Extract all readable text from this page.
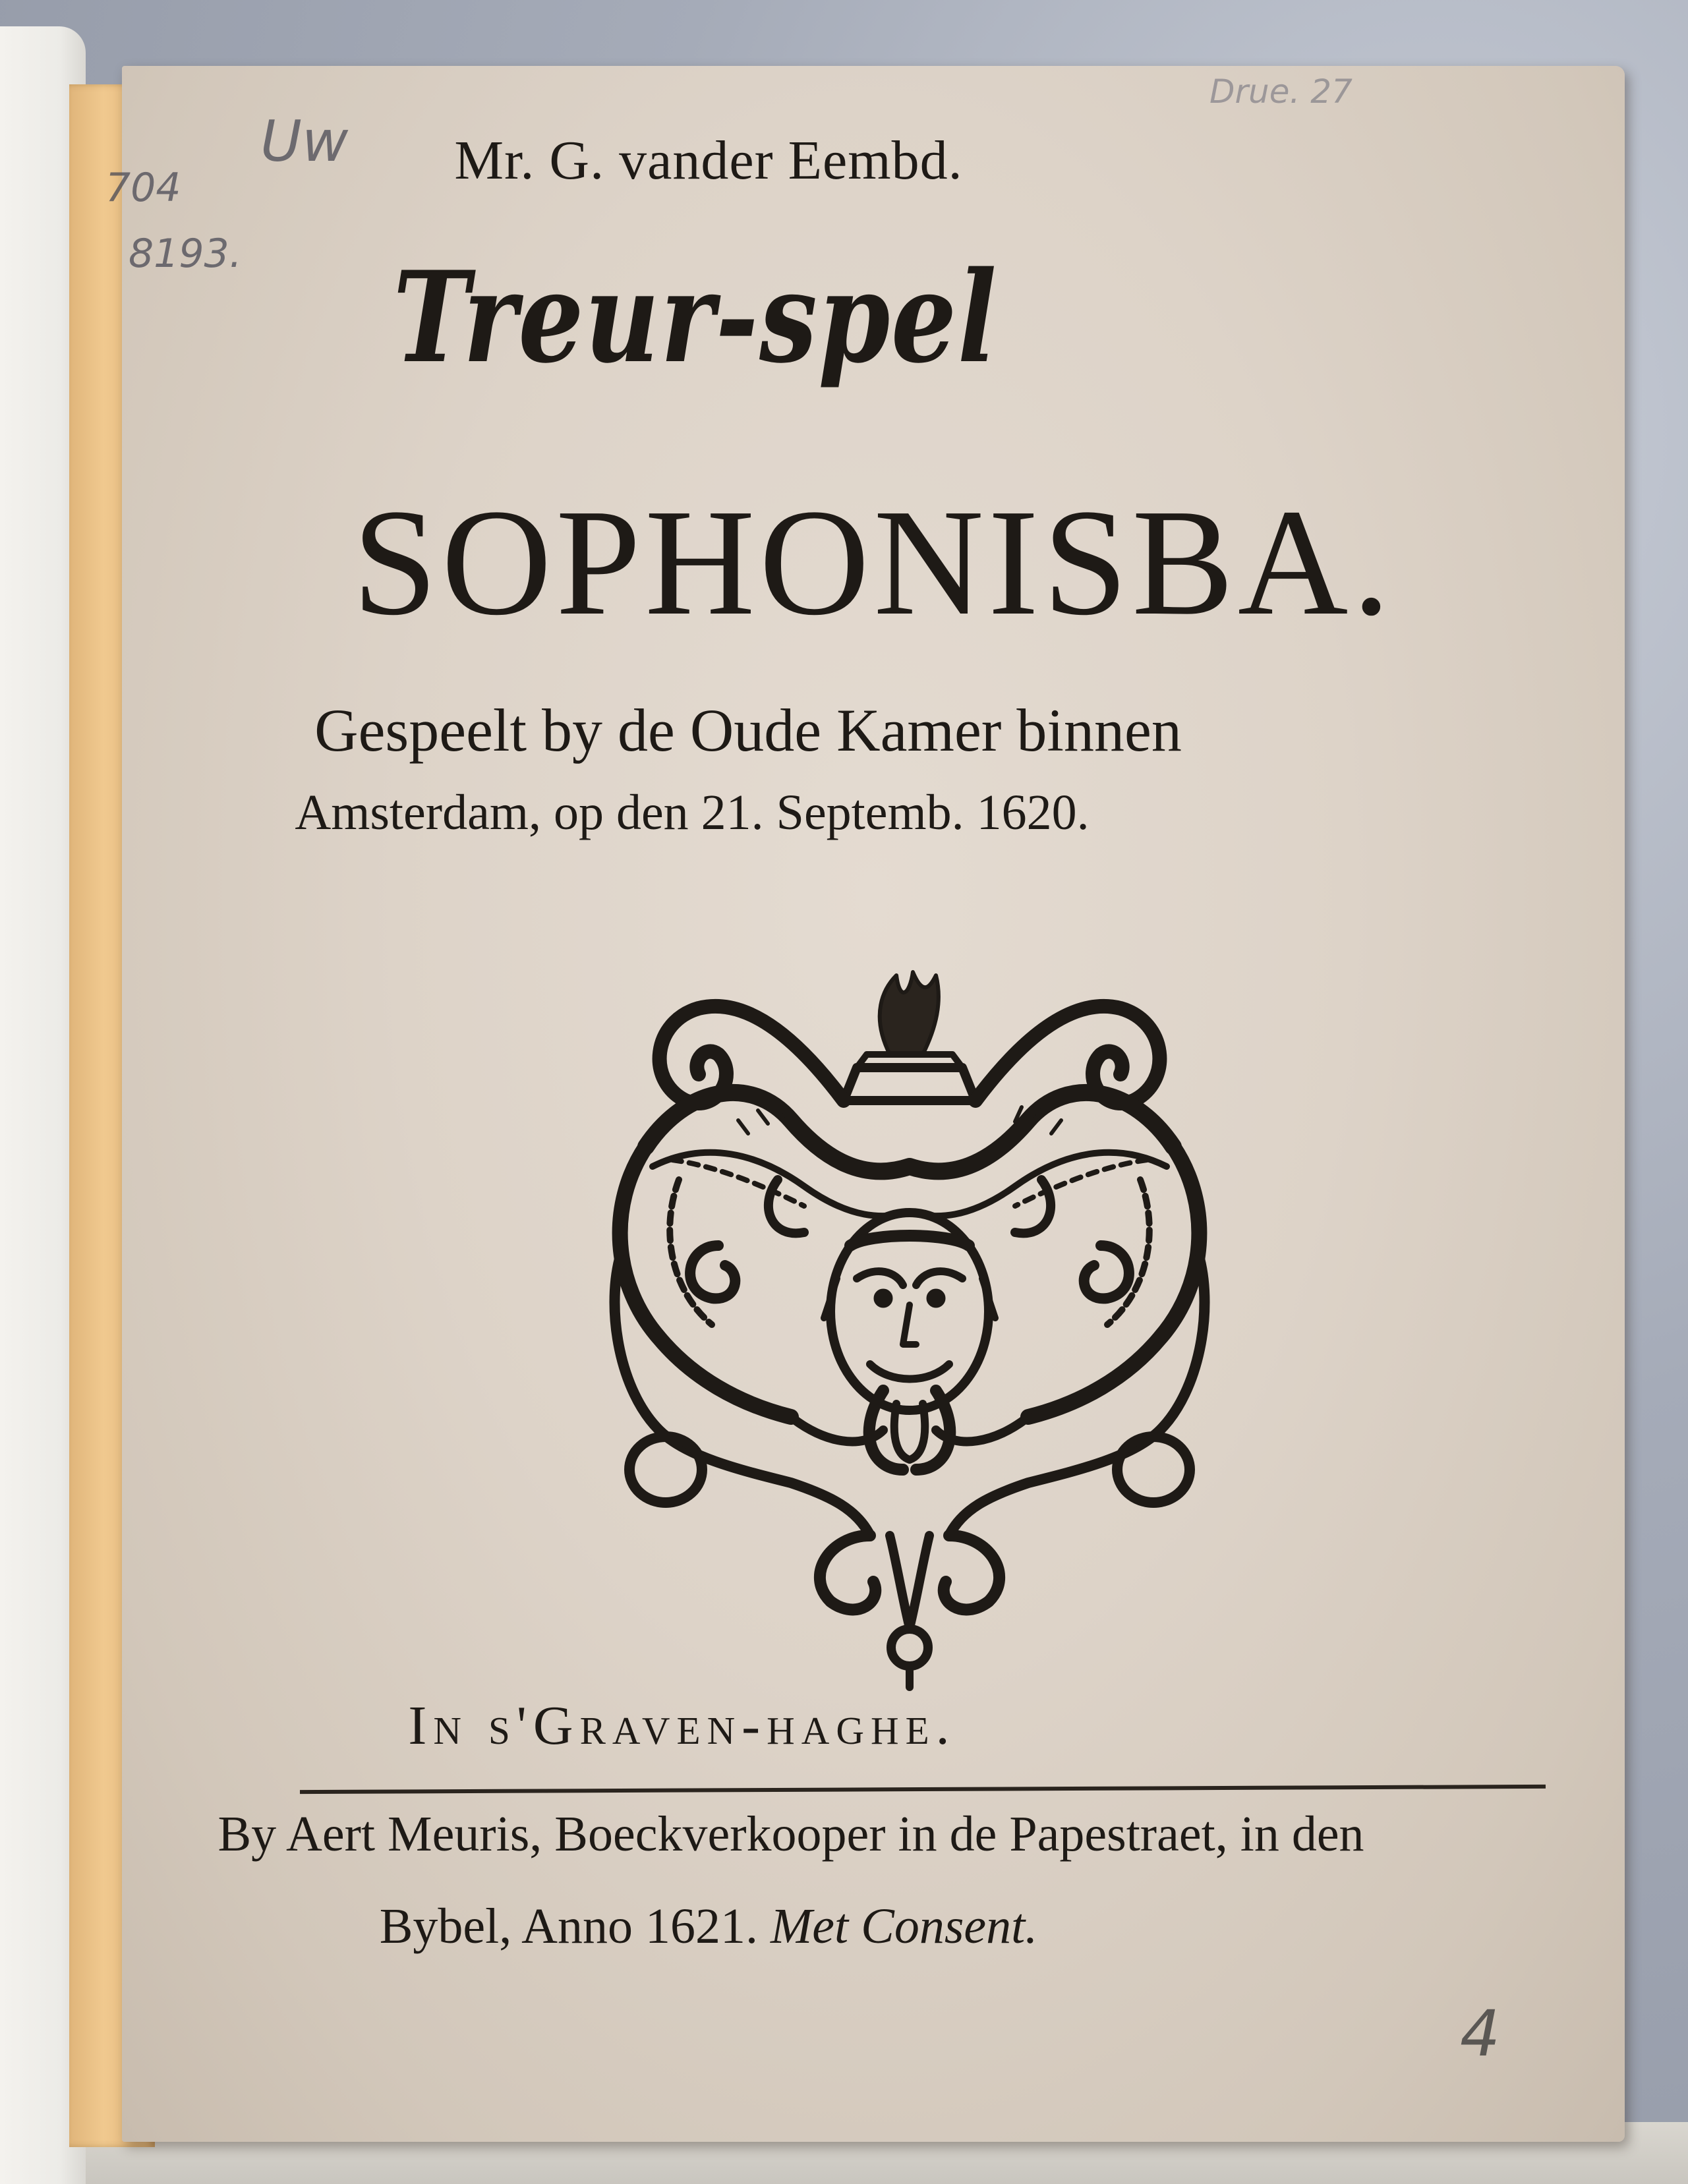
704
Uw
8193.
Drue. 27
Mr. G. vander Eembd.
Treur-spel
SOPHONISBA.
Gespeelt by de Oude Kamer binnen
Amsterdam, op den 21. Septemb. 1620.
In s'Graven-haghe.
By Aert Meuris, Boeckverkooper in de Papestraet, in den
Bybel, Anno 1621. Met Consent.
4
